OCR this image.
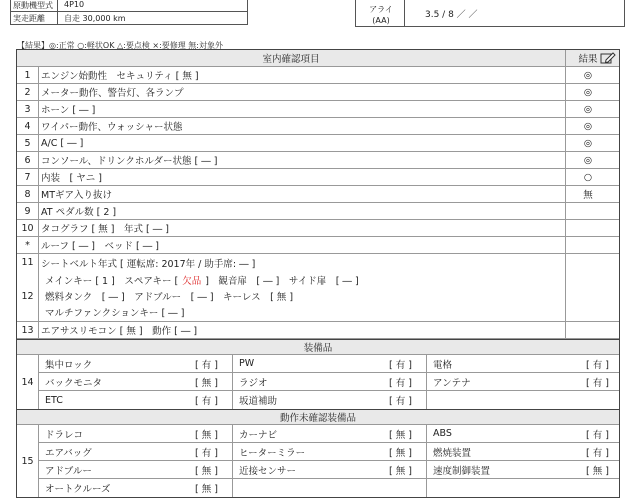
原動機型式 4P10
実走距離 自走 30,000 km
アライ (AA)
3.5 / 8 ／ ／
【結果】◎:正常 ○:軽状OK △:要点検 ×:要修理 無:対象外
室内確認項目	結果
1	エンジン始動性　セキュリティ [ 無 ]	◎
2	メーター動作、警告灯、各ランプ	◎
3	ホーン [ ― ]	◎
4	ワイパー動作、ウォッシャー状態	◎
5	A/C [ ― ]	◎
6	コンソール、ドリンクホルダー状態 [ ― ]	◎
7	内装　[ ヤニ ]	○
8	MTギア入り抜け	無
9	AT ペダル数 [ 2 ]
10 タコグラフ [ 無 ]　年式 [ ― ]
*	ルーフ [ ― ]　ベッド [ ― ]
11 シートベルト年式 [ 運転席: 2017年 / 助手席: ― ]
12
メインキー [ 1 ]　スペアキー [ 欠品 ]　観音扉　[ ― ]　サイド扉　[ ― ]
燃料タンク　[ ― ]　アドブルー　[ ― ]　キーレス　[ 無 ]
マルチファンクションキー [ ― ]
13 エアサスリモコン [ 無 ]　動作 [ ― ]
装備品
14
集中ロック	[ 有 ] PW	[ 有 ] 電格	[ 有 ]
バックモニタ	[ 無 ] ラジオ	[ 有 ] アンテナ	[ 有 ]
ETC	[ 有 ] 坂道補助	[ 有 ]
動作未確認装備品
15
ドラレコ	[ 無 ] カーナビ	[ 無 ] ABS	[ 有 ]
エアバッグ	[ 有 ] ヒーターミラー	[ 無 ] 燃焼装置	[ 有 ]
アドブルー	[ 無 ] 近接センサー	[ 無 ] 速度制御装置	[ 無 ]
オートクルーズ	[ 無 ]
